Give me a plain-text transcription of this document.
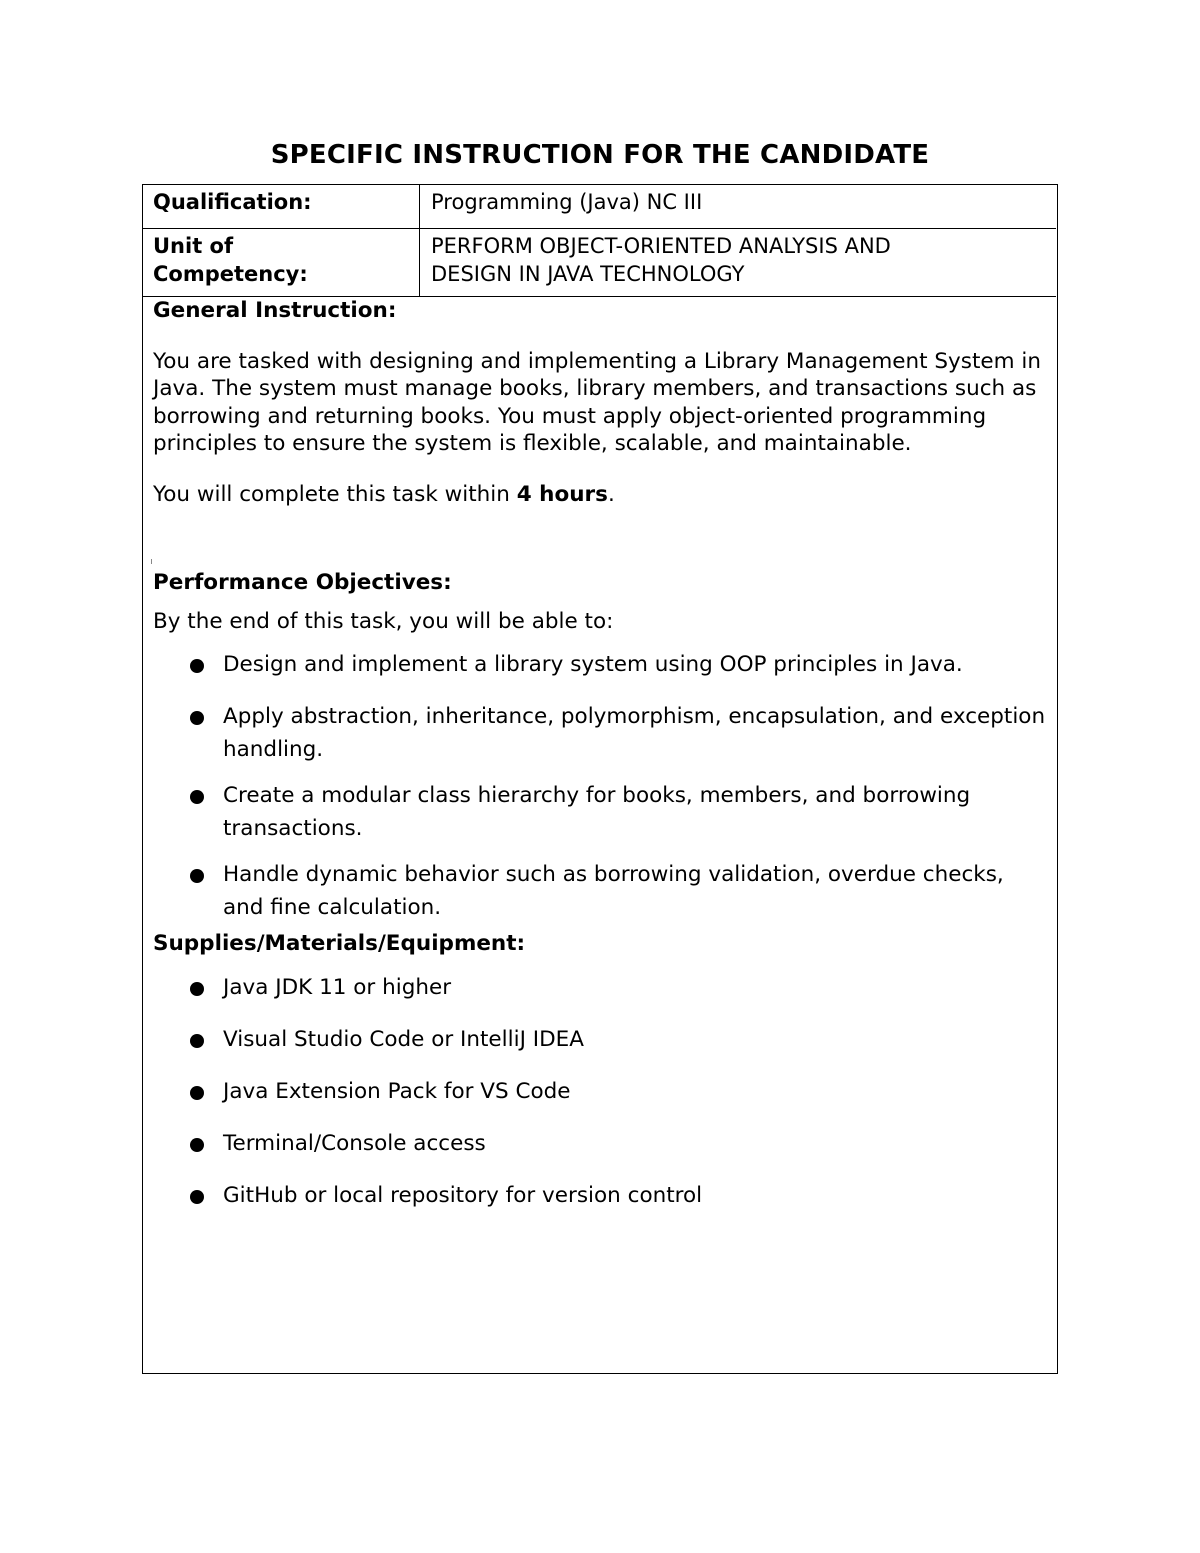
SPECIFIC INSTRUCTION FOR THE CANDIDATE
Qualification:	Programming (Java) NC III
Unit of
Competency:
PERFORM OBJECT-ORIENTED ANALYSIS AND
DESIGN IN JAVA TECHNOLOGY

General Instruction:

You are tasked with designing and implementing a Library Management System in Java. The system must manage books, library members, and transactions such as borrowing and returning books. You must apply object-oriented programming principles to ensure the system is flexible, scalable, and maintainable.

You will complete this task within 4 hours.

Performance Objectives:

By the end of this task, you will be able to:

Design and implement a library system using OOP principles in Java.
Apply abstraction, inheritance, polymorphism, encapsulation, and exception handling.
Create a modular class hierarchy for books, members, and borrowing transactions.
Handle dynamic behavior such as borrowing validation, overdue checks, and fine calculation.

Supplies/Materials/Equipment:

Java JDK 11 or higher
Visual Studio Code or IntelliJ IDEA
Java Extension Pack for VS Code
Terminal/Console access
GitHub or local repository for version control
